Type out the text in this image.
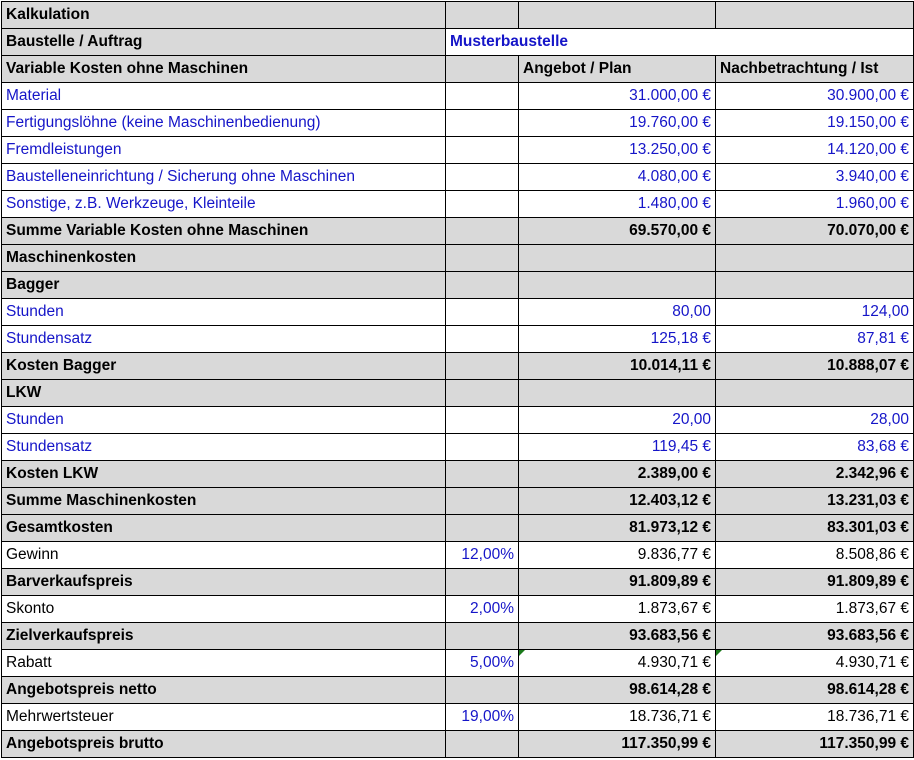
Kalkulation			
Baustelle / Auftrag	Musterbaustelle		
Variable Kosten ohne Maschinen		Angebot / Plan	Nachbetrachtung / Ist
Material		31.000,00 €	30.900,00 €
Fertigungslöhne (keine Maschinenbedienung)		19.760,00 €	19.150,00 €
Fremdleistungen		13.250,00 €	14.120,00 €
Baustelleneinrichtung / Sicherung ohne Maschinen		4.080,00 €	3.940,00 €
Sonstige, z.B. Werkzeuge, Kleinteile		1.480,00 €	1.960,00 €
Summe Variable Kosten ohne Maschinen		69.570,00 €	70.070,00 €
Maschinenkosten			
Bagger			
Stunden		80,00	124,00
Stundensatz		125,18 €	87,81 €
Kosten Bagger		10.014,11 €	10.888,07 €
LKW			
Stunden		20,00	28,00
Stundensatz		119,45 €	83,68 €
Kosten LKW		2.389,00 €	2.342,96 €
Summe Maschinenkosten		12.403,12 €	13.231,03 €
Gesamtkosten		81.973,12 €	83.301,03 €
Gewinn	12,00%	9.836,77 €	8.508,86 €
Barverkaufspreis		91.809,89 €	91.809,89 €
Skonto	2,00%	1.873,67 €	1.873,67 €
Zielverkaufspreis		93.683,56 €	93.683,56 €
Rabatt	5,00%	4.930,71 €	4.930,71 €
Angebotspreis netto		98.614,28 €	98.614,28 €
Mehrwertsteuer	19,00%	18.736,71 €	18.736,71 €
Angebotspreis brutto		117.350,99 €	117.350,99 €
